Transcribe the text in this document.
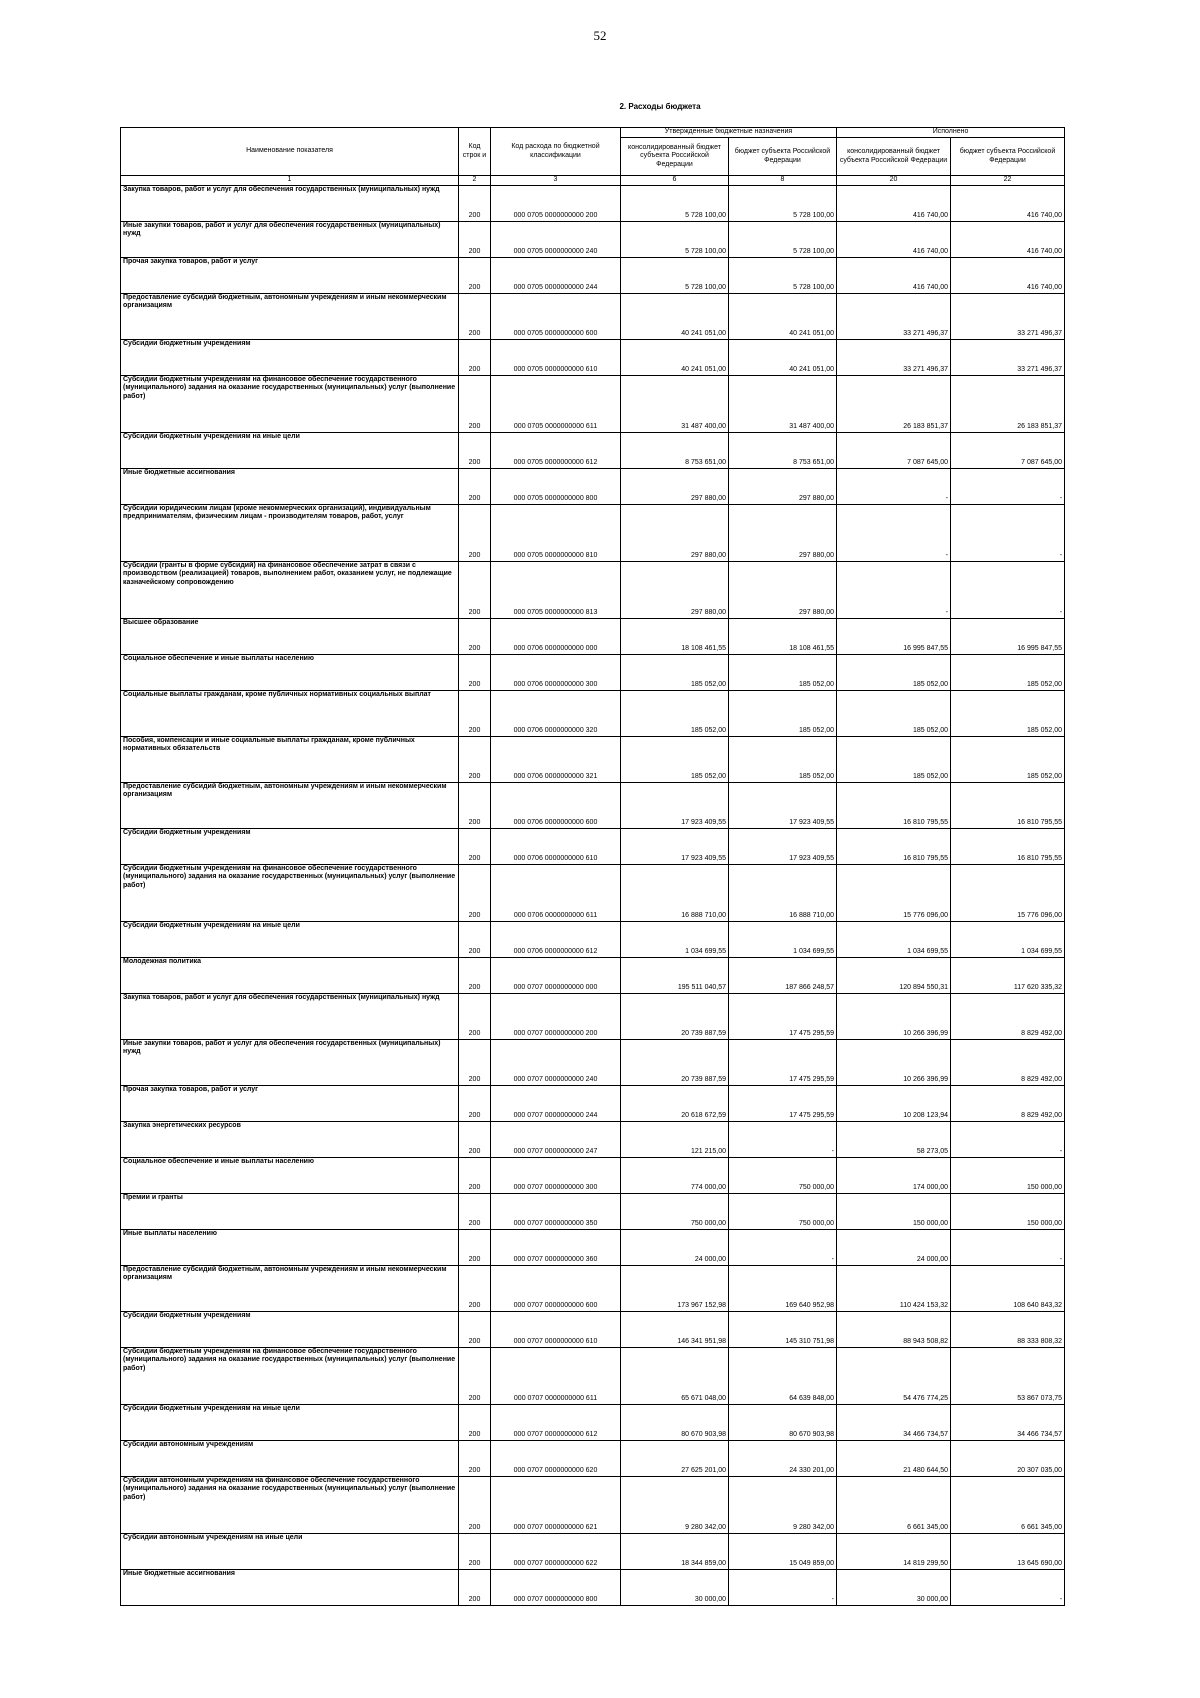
52
2. Расходы бюджета
Наименование показателя	Код строк и	Код расхода по бюджетной классификации	Утвержденные бюджетные назначения		Исполнено	
			консолидированный бюджет субъекта Российской Федерации	бюджет субъекта Российской Федерации	консолидированный бюджет субъекта Российской Федерации	бюджет субъекта Российской Федерации
1	2	3	6	8	20	22
Закупка товаров, работ и услуг для обеспечения государственных (муниципальных) нужд	200	000 0705 0000000000 200	5 728 100,00	5 728 100,00	416 740,00	416 740,00
Иные закупки товаров, работ и услуг для обеспечения государственных (муниципальных) нужд	200	000 0705 0000000000 240	5 728 100,00	5 728 100,00	416 740,00	416 740,00
Прочая закупка товаров, работ и услуг	200	000 0705 0000000000 244	5 728 100,00	5 728 100,00	416 740,00	416 740,00
Предоставление субсидий бюджетным, автономным учреждениям и иным некоммерческим организациям	200	000 0705 0000000000 600	40 241 051,00	40 241 051,00	33 271 496,37	33 271 496,37
Субсидии бюджетным учреждениям	200	000 0705 0000000000 610	40 241 051,00	40 241 051,00	33 271 496,37	33 271 496,37
Субсидии бюджетным учреждениям на финансовое обеспечение государственного (муниципального) задания на оказание государственных (муниципальных) услуг (выполнение работ)	200	000 0705 0000000000 611	31 487 400,00	31 487 400,00	26 183 851,37	26 183 851,37
Субсидии бюджетным учреждениям на иные цели	200	000 0705 0000000000 612	8 753 651,00	8 753 651,00	7 087 645,00	7 087 645,00
Иные бюджетные ассигнования	200	000 0705 0000000000 800	297 880,00	297 880,00	-	-
Субсидии юридическим лицам (кроме некоммерческих организаций), индивидуальным предпринимателям, физическим лицам - производителям товаров, работ, услуг	200	000 0705 0000000000 810	297 880,00	297 880,00	-	-
Субсидии (гранты в форме субсидий) на финансовое обеспечение затрат в связи с производством (реализацией) товаров, выполнением работ, оказанием услуг, не подлежащие казначейскому сопровождению	200	000 0705 0000000000 813	297 880,00	297 880,00	-	-
Высшее образование	200	000 0706 0000000000 000	18 108 461,55	18 108 461,55	16 995 847,55	16 995 847,55
Социальное обеспечение и иные выплаты населению	200	000 0706 0000000000 300	185 052,00	185 052,00	185 052,00	185 052,00
Социальные выплаты гражданам, кроме публичных нормативных социальных выплат	200	000 0706 0000000000 320	185 052,00	185 052,00	185 052,00	185 052,00
Пособия, компенсации и иные социальные выплаты гражданам, кроме публичных нормативных обязательств	200	000 0706 0000000000 321	185 052,00	185 052,00	185 052,00	185 052,00
Предоставление субсидий бюджетным, автономным учреждениям и иным некоммерческим организациям	200	000 0706 0000000000 600	17 923 409,55	17 923 409,55	16 810 795,55	16 810 795,55
Субсидии бюджетным учреждениям	200	000 0706 0000000000 610	17 923 409,55	17 923 409,55	16 810 795,55	16 810 795,55
Субсидии бюджетным учреждениям на финансовое обеспечение государственного (муниципального) задания на оказание государственных (муниципальных) услуг (выполнение работ)	200	000 0706 0000000000 611	16 888 710,00	16 888 710,00	15 776 096,00	15 776 096,00
Субсидии бюджетным учреждениям на иные цели	200	000 0706 0000000000 612	1 034 699,55	1 034 699,55	1 034 699,55	1 034 699,55
Молодежная политика	200	000 0707 0000000000 000	195 511 040,57	187 866 248,57	120 894 550,31	117 620 335,32
Закупка товаров, работ и услуг для обеспечения государственных (муниципальных) нужд	200	000 0707 0000000000 200	20 739 887,59	17 475 295,59	10 266 396,99	8 829 492,00
Иные закупки товаров, работ и услуг для обеспечения государственных (муниципальных) нужд	200	000 0707 0000000000 240	20 739 887,59	17 475 295,59	10 266 396,99	8 829 492,00
Прочая закупка товаров, работ и услуг	200	000 0707 0000000000 244	20 618 672,59	17 475 295,59	10 208 123,94	8 829 492,00
Закупка энергетических ресурсов	200	000 0707 0000000000 247	121 215,00	-	58 273,05	-
Социальное обеспечение и иные выплаты населению	200	000 0707 0000000000 300	774 000,00	750 000,00	174 000,00	150 000,00
Премии и гранты	200	000 0707 0000000000 350	750 000,00	750 000,00	150 000,00	150 000,00
Иные выплаты населению	200	000 0707 0000000000 360	24 000,00	-	24 000,00	-
Предоставление субсидий бюджетным, автономным учреждениям и иным некоммерческим организациям	200	000 0707 0000000000 600	173 967 152,98	169 640 952,98	110 424 153,32	108 640 843,32
Субсидии бюджетным учреждениям	200	000 0707 0000000000 610	146 341 951,98	145 310 751,98	88 943 508,82	88 333 808,32
Субсидии бюджетным учреждениям на финансовое обеспечение государственного (муниципального) задания на оказание государственных (муниципальных) услуг (выполнение работ)	200	000 0707 0000000000 611	65 671 048,00	64 639 848,00	54 476 774,25	53 867 073,75
Субсидии бюджетным учреждениям на иные цели	200	000 0707 0000000000 612	80 670 903,98	80 670 903,98	34 466 734,57	34 466 734,57
Субсидии автономным учреждениям	200	000 0707 0000000000 620	27 625 201,00	24 330 201,00	21 480 644,50	20 307 035,00
Субсидии автономным учреждениям на финансовое обеспечение государственного (муниципального) задания на оказание государственных (муниципальных) услуг (выполнение работ)	200	000 0707 0000000000 621	9 280 342,00	9 280 342,00	6 661 345,00	6 661 345,00
Субсидии автономным учреждениям на иные цели	200	000 0707 0000000000 622	18 344 859,00	15 049 859,00	14 819 299,50	13 645 690,00
Иные бюджетные ассигнования	200	000 0707 0000000000 800	30 000,00	-	30 000,00	-
